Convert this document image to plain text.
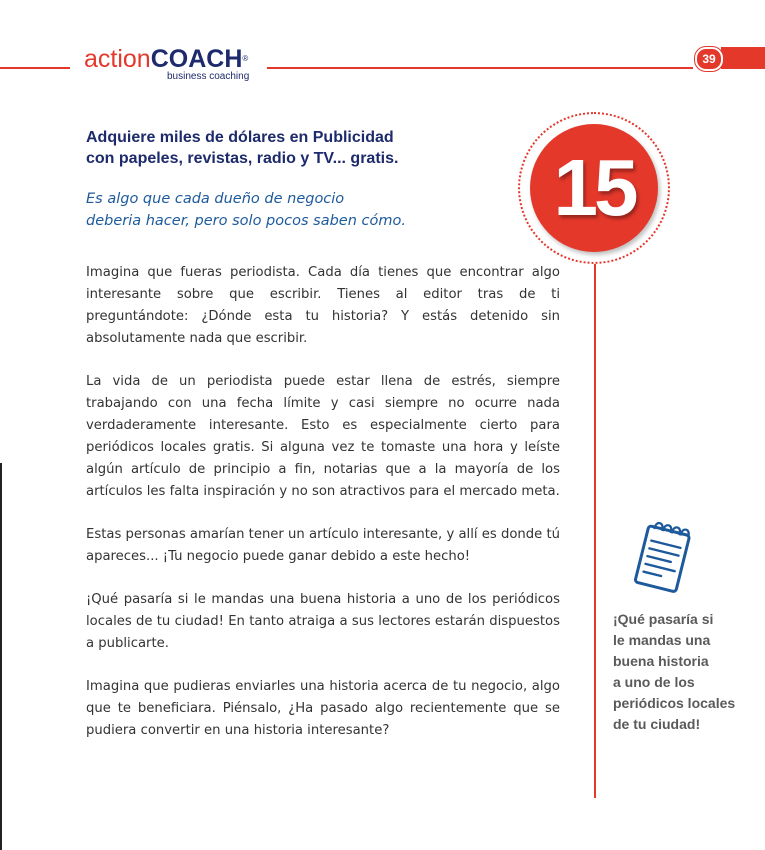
actionCOACH®
business coaching
39
Adquiere miles de dólares en Publicidad
con papeles, revistas, radio y TV... gratis.
Es algo que cada dueño de negocio
deberia hacer, pero solo pocos saben cómo.	15

Imagina que fueras periodista. Cada día tienes que encontrar algo interesante sobre que escribir. Tienes al editor tras de ti preguntándote: ¿Dónde esta tu historia? Y estás detenido sin absolutamente nada que escribir.

La vida de un periodista puede estar llena de estrés, siempre trabajando con una fecha límite y casi siempre no ocurre nada verdaderamente interesante. Esto es especialmente cierto para periódicos locales gratis. Si alguna vez te tomaste una hora y leíste algún artículo de principio a fin, notarias que a la mayoría de los artículos les falta inspiración y no son atractivos para el mercado meta.

Estas personas amarían tener un artículo interesante, y allí es donde tú apareces... ¡Tu negocio puede ganar debido a este hecho!

¡Qué pasaría si le mandas una buena historia a uno de los periódicos locales de tu ciudad! En tanto atraiga a sus lectores estarán dispuestos a publicarte.

Imagina que pudieras enviarles una historia acerca de tu negocio, algo que te beneficiara. Piénsalo, ¿Ha pasado algo recientemente que se pudiera convertir en una historia interesante?

¡Qué pasaría si
le mandas una
buena historia
a uno de los
periódicos locales
de tu ciudad!
